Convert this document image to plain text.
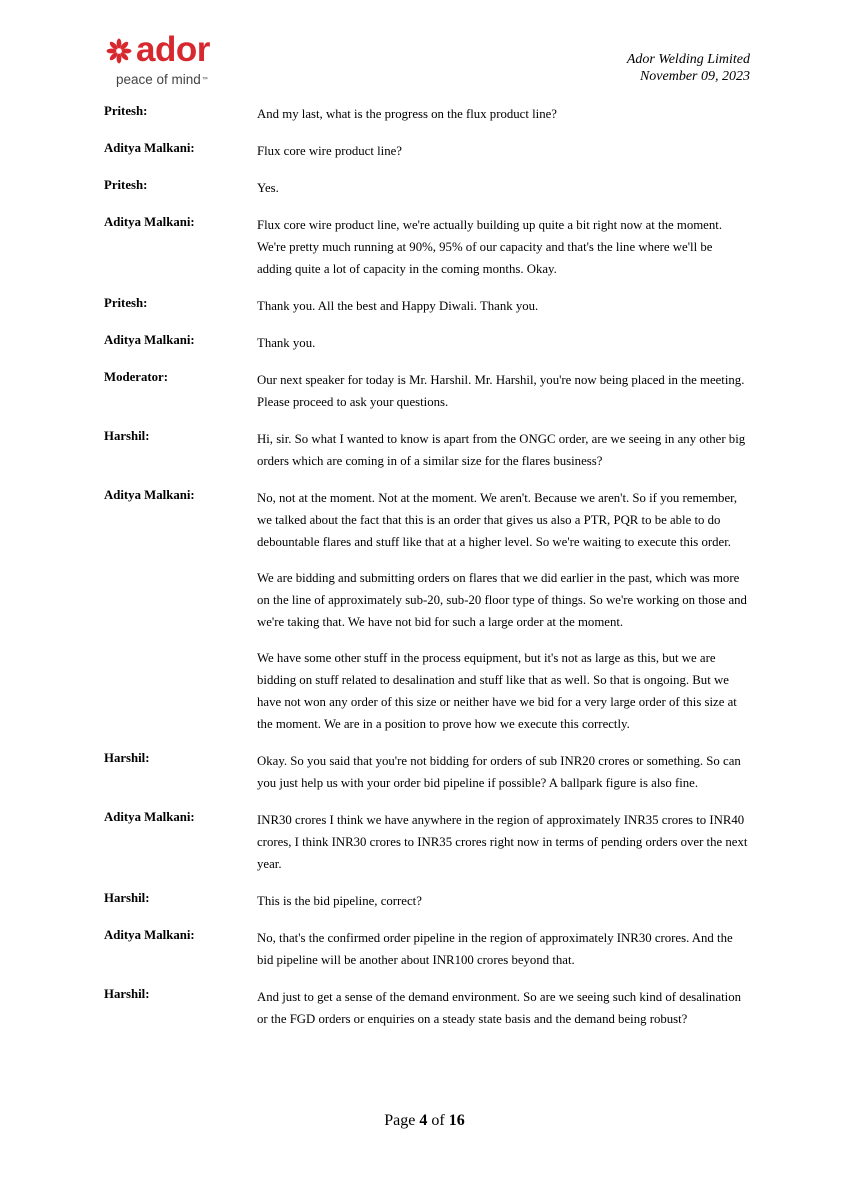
ador
peace of mind™
Ador Welding Limited
November 09, 2023
Pritesh:	And my last, what is the progress on the flux product line?

Aditya Malkani:	Flux core wire product line?

Pritesh:	Yes.

Aditya Malkani:	Flux core wire product line, we're actually building up quite a bit right now at the moment. We're pretty much running at 90%, 95% of our capacity and that's the line where we'll be adding quite a lot of capacity in the coming months. Okay.

Pritesh:	Thank you. All the best and Happy Diwali. Thank you.

Aditya Malkani:	Thank you.

Moderator:	Our next speaker for today is Mr. Harshil. Mr. Harshil, you're now being placed in the meeting. Please proceed to ask your questions.

Harshil:	Hi, sir. So what I wanted to know is apart from the ONGC order, are we seeing in any other big orders which are coming in of a similar size for the flares business?

Aditya Malkani:	No, not at the moment. Not at the moment. We aren't. Because we aren't. So if you remember, we talked about the fact that this is an order that gives us also a PTR, PQR to be able to do debountable flares and stuff like that at a higher level. So we're waiting to execute this order.

We are bidding and submitting orders on flares that we did earlier in the past, which was more on the line of approximately sub-20, sub-20 floor type of things. So we're working on those and we're taking that. We have not bid for such a large order at the moment.

We have some other stuff in the process equipment, but it's not as large as this, but we are bidding on stuff related to desalination and stuff like that as well. So that is ongoing. But we have not won any order of this size or neither have we bid for a very large order of this size at the moment. We are in a position to prove how we execute this correctly.

Harshil:	Okay. So you said that you're not bidding for orders of sub INR20 crores or something. So can you just help us with your order bid pipeline if possible? A ballpark figure is also fine.

Aditya Malkani:	INR30 crores I think we have anywhere in the region of approximately INR35 crores to INR40 crores, I think INR30 crores to INR35 crores right now in terms of pending orders over the next year.

Harshil:	This is the bid pipeline, correct?

Aditya Malkani:	No, that's the confirmed order pipeline in the region of approximately INR30 crores. And the bid pipeline will be another about INR100 crores beyond that.

Harshil:	And just to get a sense of the demand environment. So are we seeing such kind of desalination or the FGD orders or enquiries on a steady state basis and the demand being robust?

Page 4 of 16
